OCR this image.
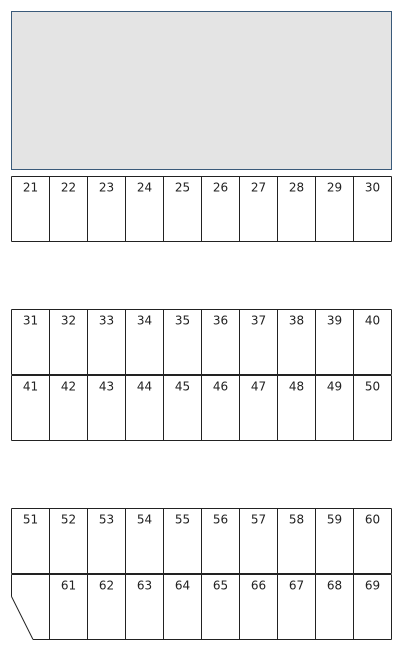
21 22 23 24 25 26 27 28 29 30
31 32 33 34 35 36 37 38 39 40
41 42 43 44 45 46 47 48 49 50
51 52 53 54 55 56 57 58 59 60
61 62 63 64 65 66 67 68 69
